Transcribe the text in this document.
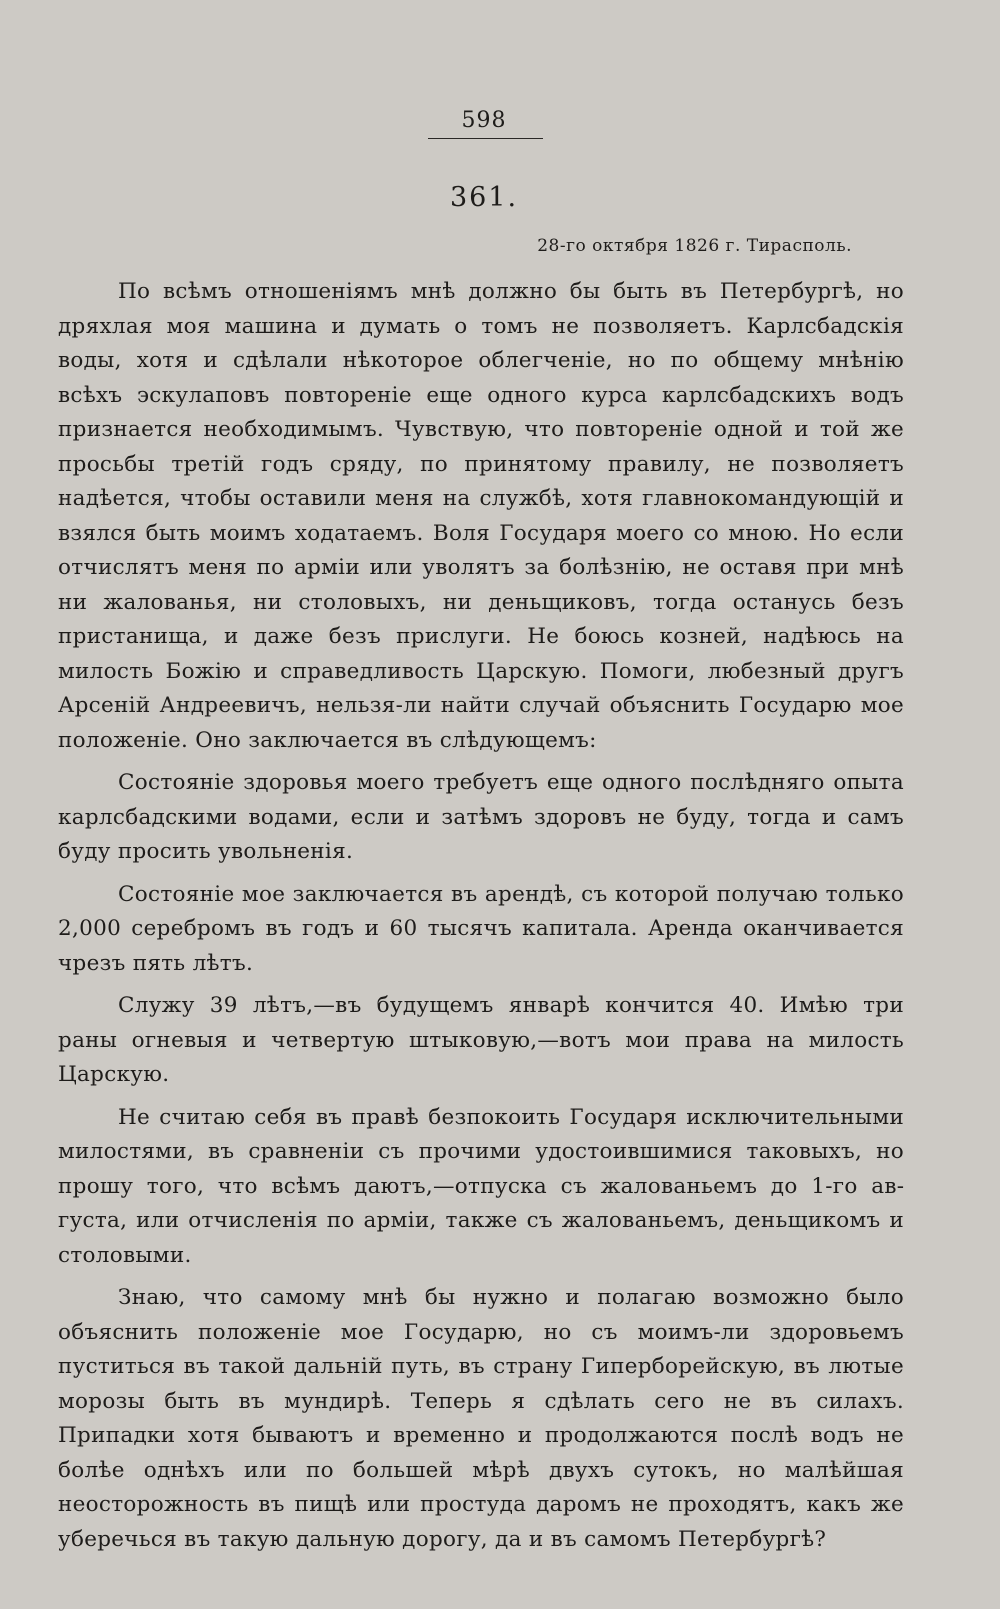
598
361.
28-го октября 1826 г. Тирасполь.

По всѣмъ отношеніямъ мнѣ должно бы быть въ Петербургѣ, но дряхлая моя машина и думать о томъ не позволяетъ. Карлсбадскія воды, хотя и сдѣлали нѣкоторое облегченіе, но по общему мнѣнію всѣхъ эскулаповъ повтореніе еще одного курса карлсбадскихъ водъ признается необходимымъ. Чувствую, что повтореніе одной и той же просьбы третій годъ сряду, по принятому правилу, не позволяетъ надѣется, чтобы оставили меня на службѣ, хотя главнокомандующій и взялся быть моимъ ходатаемъ. Воля Государя моего со мною. Но если отчислятъ меня по арміи или уволятъ за болѣзнію, не оставя при мнѣ ни жалованья, ни столовыхъ, ни деньщиковъ, тогда останусь безъ пристанища, и даже безъ прислуги. Не боюсь козней, надѣюсь на милость Божію и справедливость Царскую. Помоги, любезный другъ Арсеній Андреевичъ, нельзя-ли найти случай объяснить Государю мое положеніе. Оно заключается въ слѣдующемъ:

Состояніе здоровья моего требуетъ еще одного послѣдняго опыта карлсбадскими водами, если и затѣмъ здоровъ не буду, тогда и самъ буду просить увольненія.

Состояніе мое заключается въ арендѣ, съ которой получаю только 2,000 серебромъ въ годъ и 60 тысячъ капитала. Аренда оканчивается чрезъ пять лѣтъ.

Служу 39 лѣтъ,—въ будущемъ январѣ кончится 40. Имѣю три раны огневыя и четвертую штыковую,—вотъ мои права на милость Царскую.

Не считаю себя въ правѣ безпокоить Государя исключительными милостями, въ сравненіи съ прочими удостоившимися таковыхъ, но прошу того, что всѣмъ даютъ,—отпуска съ жалованьемъ до 1-го августа, или отчисленія по арміи, также съ жалованьемъ, деньщикомъ и столовыми.

Знаю, что самому мнѣ бы нужно и полагаю возможно было объяснить положеніе мое Государю, но съ моимъ-ли здоровьемъ пуститься въ такой дальній путь, въ страну Гиперборейскую, въ лютые морозы быть въ мундирѣ. Теперь я сдѣлать сего не въ силахъ. Припадки хотя бываютъ и временно и продолжаются послѣ водъ не болѣе однѣхъ или по большей мѣрѣ двухъ сутокъ, но малѣйшая неосторожность въ пищѣ или простуда даромъ не проходятъ, какъ же уберечься въ такую дальную дорогу, да и въ самомъ Петербургѣ?
